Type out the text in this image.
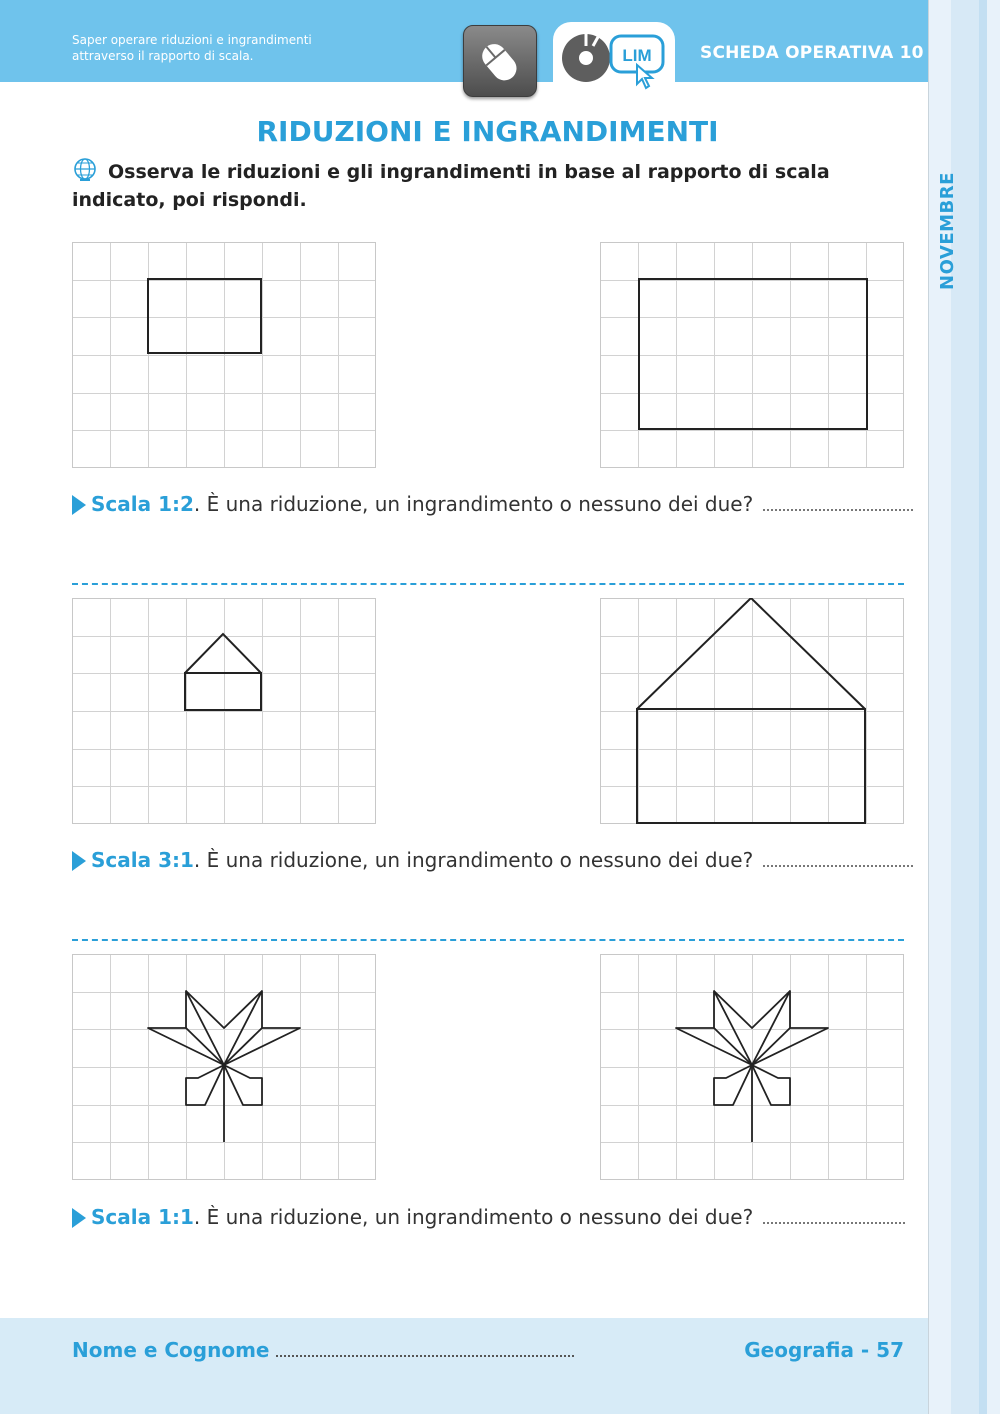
NOVEMBRE
Saper operare riduzioni e ingrandimenti
attraverso il rapporto di scala.	SCHEDA OPERATIVA 10
LIM
RIDUZIONI E INGRANDIMENTI
Osserva le riduzioni e gli ingrandimenti in base al rapporto di scala indicato, poi rispondi.
Scala 1:2. È una riduzione, un ingrandimento o nessuno dei due?
Scala 3:1. È una riduzione, un ingrandimento o nessuno dei due?
Scala 1:1. È una riduzione, un ingrandimento o nessuno dei due?
Nome e Cognome	Geografia - 57
